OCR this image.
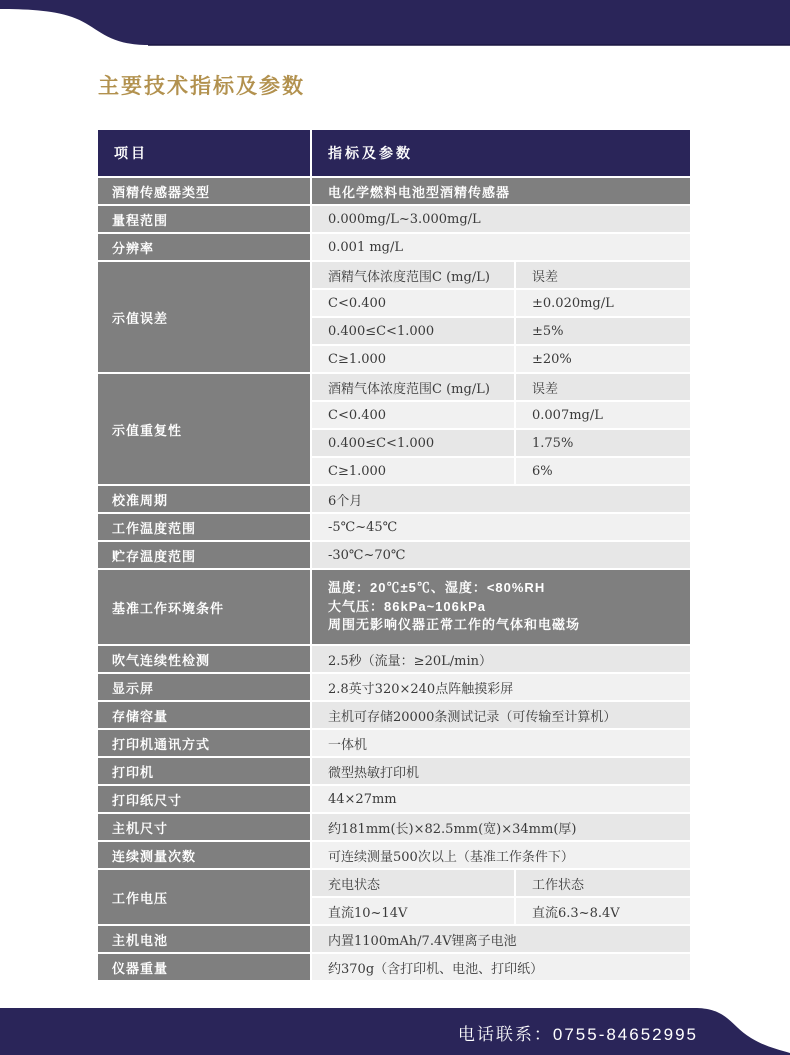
主要技术指标及参数
项目	指标及参数
酒精传感器类型	电化学燃料电池型酒精传感器
量程范围	0.000mg/L~3.000mg/L
分辨率	0.001 mg/L
示值误差
酒精气体浓度范围C (mg/L)	误差
C<0.400	±0.020mg/L
0.400≤C<1.000	±5%
C≥1.000	±20%
示值重复性
酒精气体浓度范围C (mg/L)	误差
C<0.400	0.007mg/L
0.400≤C<1.000	1.75%
C≥1.000	6%
校准周期	6个月
工作温度范围	-5℃~45℃
贮存温度范围	-30℃~70℃
基准工作环境条件
温度：20℃±5℃、湿度：<80%RH
大气压：86kPa~106kPa
周围无影响仪器正常工作的气体和电磁场
吹气连续性检测	2.5秒（流量：≥20L/min）
显示屏	2.8英寸320×240点阵触摸彩屏
存储容量	主机可存储20000条测试记录（可传输至计算机）
打印机通讯方式	一体机
打印机	微型热敏打印机
打印纸尺寸	44×27mm
主机尺寸	约181mm(长)×82.5mm(宽)×34mm(厚)
连续测量次数	可连续测量500次以上（基准工作条件下）
工作电压
充电状态	工作状态
直流10~14V	直流6.3~8.4V
主机电池	内置1100mAh/7.4V锂离子电池
仪器重量	约370g（含打印机、电池、打印纸）
电话联系：0755-84652995
